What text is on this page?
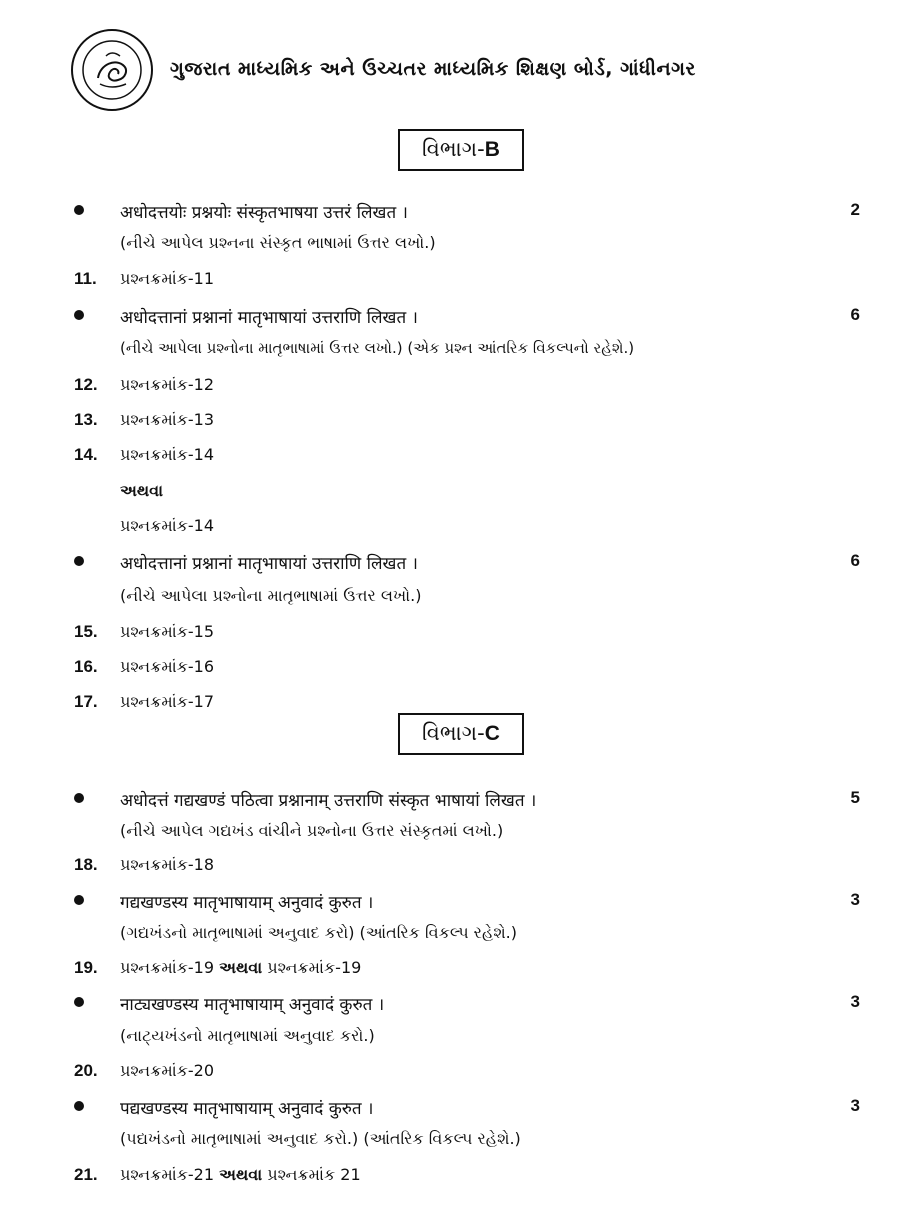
ગુજરાત માધ્યમિક અને ઉચ્ચતર માધ્યમિક શિક્ષણ બોર્ડ, ગાંધીનગર
વિભાગ-B
अधोदत्तयोः प्रश्नयोः संस्कृतभाषया उत्तरं लिखत ।	2
(નીચે આપેલ પ્રશ્નના સંસ્કૃત ભાષામાં ઉત્તર લખો.)
11. પ્રશ્નક્રમાંક-11
अधोदत्तानां प्रश्नानां मातृभाषायां उत्तराणि लिखत ।	6
(નીચે આપેલા પ્રશ્નોના માતૃભાષામાં ઉત્તર લખો.) (એક પ્રશ્ન આંતરિક વિકલ્પનો રહેશે.)
12. પ્રશ્નક્રમાંક-12
13. પ્રશ્નક્રમાંક-13
14. પ્રશ્નક્રમાંક-14
અથવા
પ્રશ્નક્રમાંક-14
अधोदत्तानां प्रश्नानां मातृभाषायां उत्तराणि लिखत ।	6
(નીચે આપેલા પ્રશ્નોના માતૃભાષામાં ઉત્તર લખો.)
15. પ્રશ્નક્રમાંક-15
16. પ્રશ્નક્રમાંક-16
17. પ્રશ્નક્રમાંક-17
વિભાગ-C
अधोदत्तं गद्यखण्डं पठित्वा प्रश्नानाम् उत्तराणि संस्कृत भाषायां लिखत ।	5
(નીચે આપેલ ગદ્યખંડ વાંચીને પ્રશ્નોના ઉત્તર સંસ્કૃતમાં લખો.)
18. પ્રશ્નક્રમાંક-18
गद्यखण्डस्य मातृभाषायाम् अनुवादं कुरुत ।	3
(ગદ્યખંડનો માતૃભાષામાં અનુવાદ કરો) (આંતરિક વિકલ્પ રહેશે.)
19. પ્રશ્નક્રમાંક-19 અથવા પ્રશ્નક્રમાંક-19
नाट्यखण्डस्य मातृभाषायाम् अनुवादं कुरुत ।	3
(નાટ્યખંડનો માતૃભાષામાં અનુવાદ કરો.)
20. પ્રશ્નક્રમાંક-20
पद्यखण्डस्य मातृभाषायाम् अनुवादं कुरुत ।	3
(પદ્યખંડનો માતૃભાષામાં અનુવાદ કરો.) (આંતરિક વિકલ્પ રહેશે.)
21. પ્રશ્નક્રમાંક-21 અથવા પ્રશ્નક્રમાંક 21
